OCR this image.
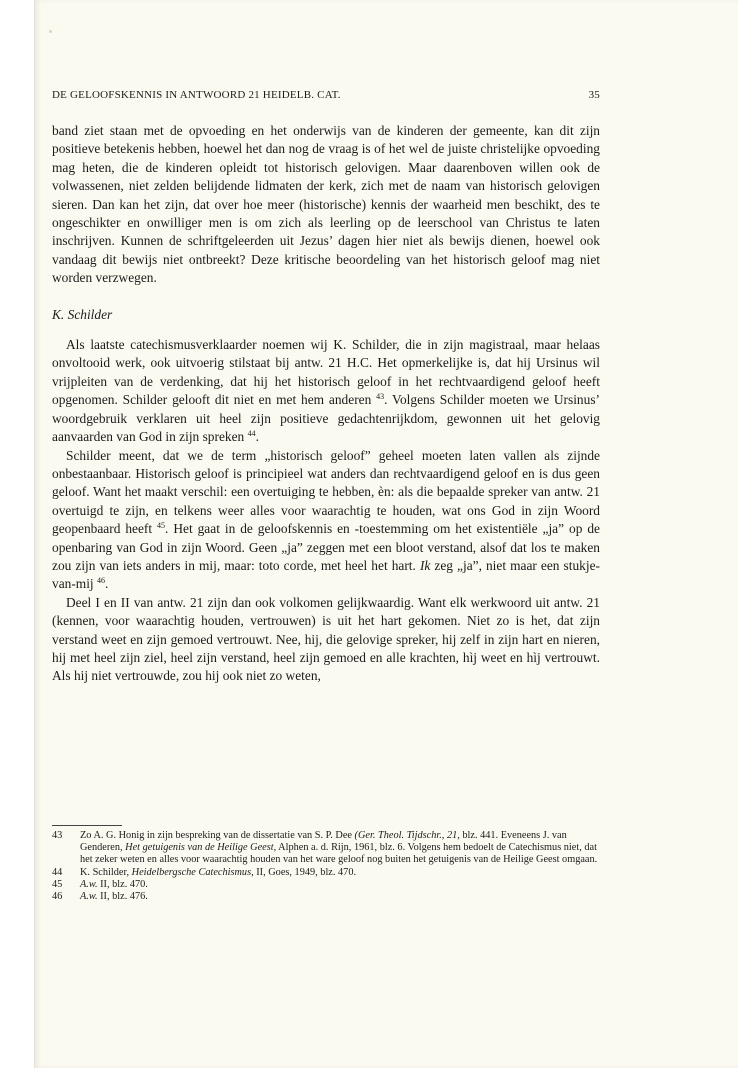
DE GELOOFSKENNIS IN ANTWOORD 21 HEIDELB. CAT.	35

band ziet staan met de opvoeding en het onderwijs van de kinderen der gemeente, kan dit zijn positieve betekenis hebben, hoewel het dan nog de vraag is of het wel de juiste christelijke opvoeding mag heten, die de kinderen opleidt tot historisch gelovigen. Maar daarenboven willen ook de volwassenen, niet zelden belijdende lidmaten der kerk, zich met de naam van historisch gelovigen sieren. Dan kan het zijn, dat over hoe meer (historische) kennis der waarheid men beschikt, des te ongeschikter en onwilliger men is om zich als leerling op de leerschool van Christus te laten inschrijven. Kunnen de schriftgeleerden uit Jezus’ dagen hier niet als bewijs dienen, hoewel ook vandaag dit bewijs niet ontbreekt? Deze kritische beoordeling van het historisch geloof mag niet worden verzwegen.

K. Schilder

Als laatste catechismusverklaarder noemen wij K. Schilder, die in zijn magistraal, maar helaas onvoltooid werk, ook uitvoerig stilstaat bij antw. 21 H.C. Het opmerkelijke is, dat hij Ursinus wil vrijpleiten van de verdenking, dat hij het historisch geloof in het rechtvaardigend geloof heeft opgenomen. Schilder gelooft dit niet en met hem anderen $^{43}$. Volgens Schilder moeten we Ursinus’ woordgebruik verklaren uit heel zijn positieve gedachtenrijkdom, gewonnen uit het gelovig aanvaarden van God in zijn spreken $^{44}$.

Schilder meent, dat we de term „historisch geloof” geheel moeten laten vallen als zijnde onbestaanbaar. Historisch geloof is principieel wat anders dan rechtvaardigend geloof en is dus geen geloof. Want het maakt verschil: een overtuiging te hebben, èn: als die bepaalde spreker van antw. 21 overtuigd te zijn, en telkens weer alles voor waarachtig te houden, wat ons God in zijn Woord geopenbaard heeft $^{45}$. Het gaat in de geloofskennis en -toestemming om het existentiële „ja” op de openbaring van God in zijn Woord. Geen „ja” zeggen met een bloot verstand, alsof dat los te maken zou zijn van iets anders in mij, maar: toto corde, met heel het hart. Ik zeg „ja”, niet maar een stukje-van-mij $^{46}$.

Deel I en II van antw. 21 zijn dan ook volkomen gelijkwaardig. Want elk werkwoord uit antw. 21 (kennen, voor waarachtig houden, vertrouwen) is uit het hart gekomen. Niet zo is het, dat zijn verstand weet en zijn gemoed vertrouwt. Nee, hij, die gelovige spreker, hij zelf in zijn hart en nieren, hij met heel zijn ziel, heel zijn verstand, heel zijn gemoed en alle krachten, hìj weet en hìj vertrouwt. Als hij niet vertrouwde, zou hij ook niet zo weten,

43	Zo A. G. Honig in zijn bespreking van de dissertatie van S. P. Dee (Ger. Theol. Tijdschr., 21, blz. 441. Eveneens J. van Genderen, Het getuigenis van de Heilige Geest, Alphen a. d. Rijn, 1961, blz. 6. Volgens hem bedoelt de Catechismus niet, dat het zeker weten en alles voor waarachtig houden van het ware geloof nog buiten het getuigenis van de Heilige Geest omgaan.
44	K. Schilder, Heidelbergsche Catechismus, II, Goes, 1949, blz. 470.
45	A.w. II, blz. 470.
46	A.w. II, blz. 476.
